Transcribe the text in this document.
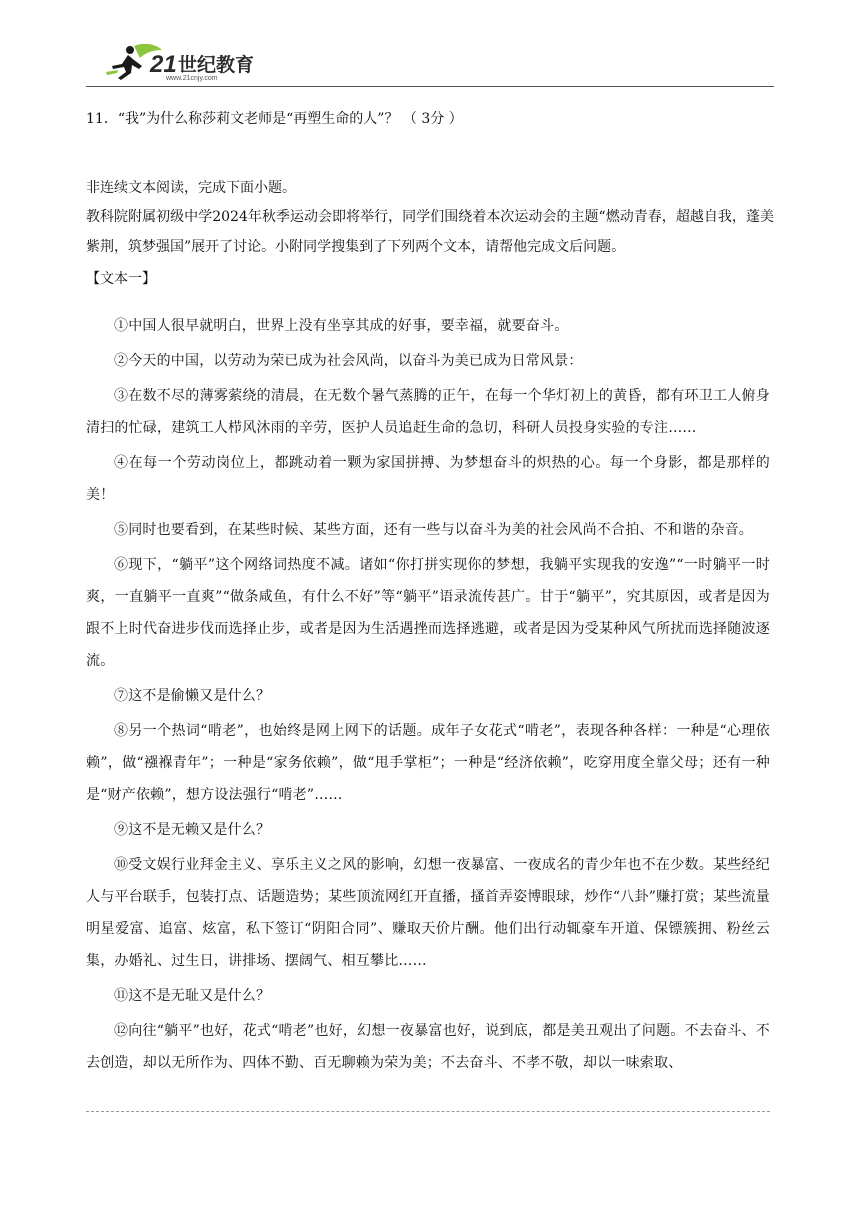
21 世纪教育
www.21cnjy.com

11．“我”为什么称莎莉文老师是“再塑生命的人”？ （ 3分 ）

非连续文本阅读，完成下面小题。

教科院附属初级中学2024年秋季运动会即将举行，同学们围绕着本次运动会的主题“燃动青春，超越自我，蓬美紫荆，筑梦强国”展开了讨论。小附同学搜集到了下列两个文本，请帮他完成文后问题。

【文本一】

①中国人很早就明白，世界上没有坐享其成的好事，要幸福，就要奋斗。

②今天的中国，以劳动为荣已成为社会风尚，以奋斗为美已成为日常风景：

③在数不尽的薄雾萦绕的清晨，在无数个暑气蒸腾的正午，在每一个华灯初上的黄昏，都有环卫工人俯身清扫的忙碌，建筑工人栉风沐雨的辛劳，医护人员追赶生命的急切，科研人员投身实验的专注……

④在每一个劳动岗位上，都跳动着一颗为家国拼搏、为梦想奋斗的炽热的心。每一个身影，都是那样的美！

⑤同时也要看到，在某些时候、某些方面，还有一些与以奋斗为美的社会风尚不合拍、不和谐的杂音。

⑥现下，“躺平”这个网络词热度不减。诸如“你打拼实现你的梦想，我躺平实现我的安逸”“一时躺平一时爽，一直躺平一直爽”“做条咸鱼，有什么不好”等“躺平”语录流传甚广。甘于“躺平”，究其原因，或者是因为跟不上时代奋进步伐而选择止步，或者是因为生活遇挫而选择逃避，或者是因为受某种风气所扰而选择随波逐流。

⑦这不是偷懒又是什么？

⑧另一个热词“啃老”，也始终是网上网下的话题。成年子女花式“啃老”，表现各种各样：一种是“心理依赖”，做“襁褓青年”；一种是“家务依赖”，做“甩手掌柜”；一种是“经济依赖”，吃穿用度全靠父母；还有一种是“财产依赖”，想方设法强行“啃老”……

⑨这不是无赖又是什么？

⑩受文娱行业拜金主义、享乐主义之风的影响，幻想一夜暴富、一夜成名的青少年也不在少数。某些经纪人与平台联手，包装打点、话题造势；某些顶流网红开直播，搔首弄姿博眼球，炒作“八卦”赚打赏；某些流量明星爱富、追富、炫富，私下签订“阴阳合同”、赚取天价片酬。他们出行动辄豪车开道、保镖簇拥、粉丝云集，办婚礼、过生日，讲排场、摆阔气、相互攀比……

⑪这不是无耻又是什么？

⑫向往“躺平”也好，花式“啃老”也好，幻想一夜暴富也好，说到底，都是美丑观出了问题。不去奋斗、不去创造，却以无所作为、四体不勤、百无聊赖为荣为美；不去奋斗、不孝不敬，却以一味索取、
